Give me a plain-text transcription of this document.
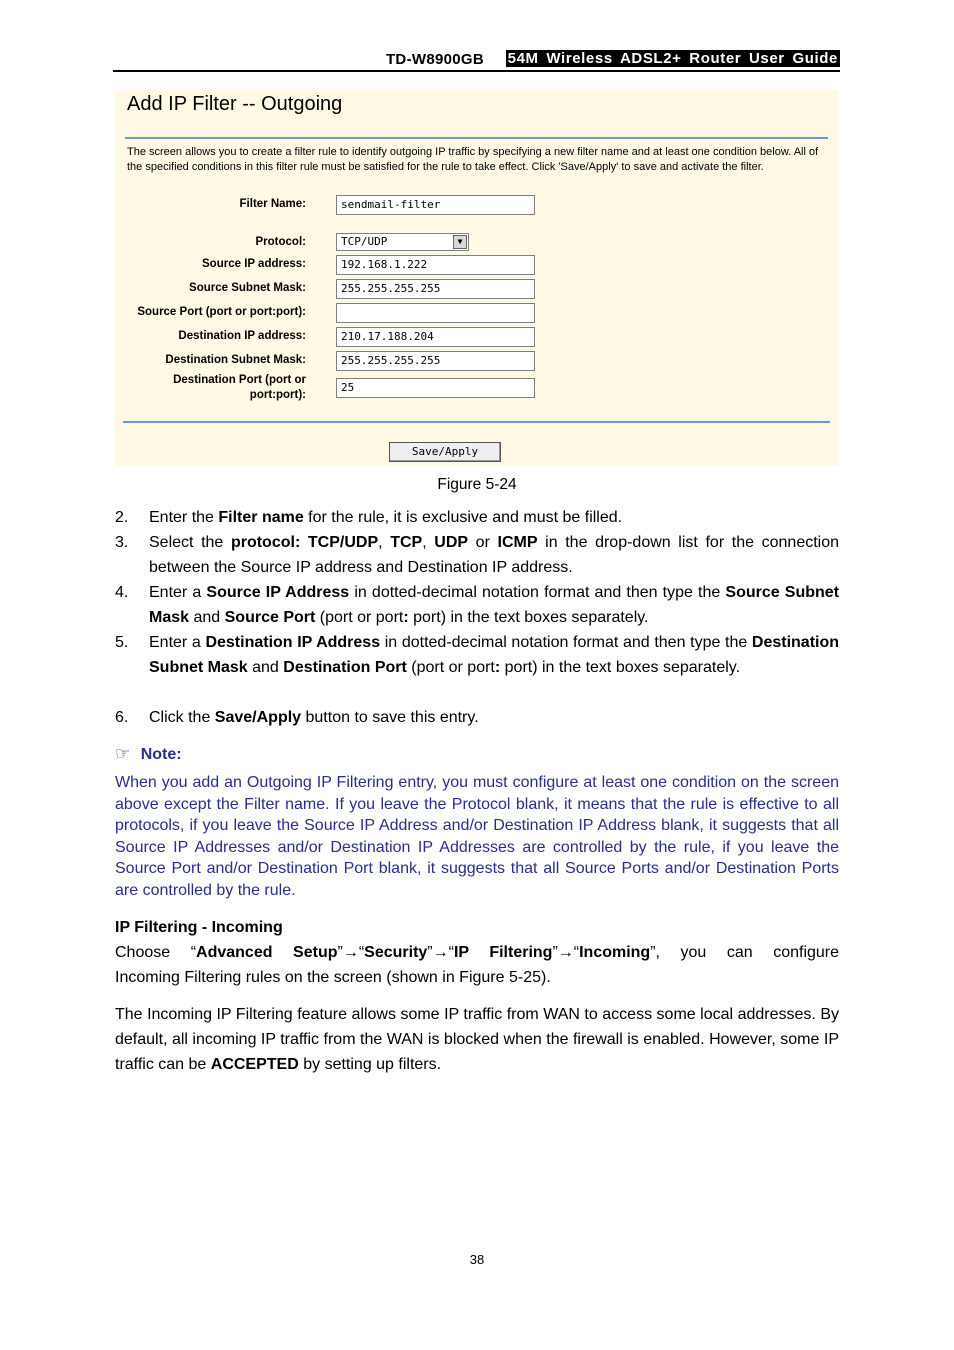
TD-W8900GB 54M Wireless ADSL2+ Router User Guide
Add IP Filter -- Outgoing
The screen allows you to create a filter rule to identify outgoing IP traffic by specifying a new filter name and at least one condition below. All of the specified conditions in this filter rule must be satisfied for the rule to take effect. Click 'Save/Apply' to save and activate the filter.
Filter Name:	sendmail-filter
Protocol:	TCP/UDP	▼
Source IP address:	192.168.1.222
Source Subnet Mask:	255.255.255.255
Source Port (port or port:port):
Destination IP address:	210.17.188.204
Destination Subnet Mask:	255.255.255.255
Destination Port (port or
port:port):
25
Save/Apply
Figure 5-24
2. Enter the Filter name for the rule, it is exclusive and must be filled.
3. Select the protocol: TCP/UDP, TCP, UDP or ICMP in the drop-down list for the connection between the Source IP address and Destination IP address.
4. Enter a Source IP Address in dotted-decimal notation format and then type the Source Subnet Mask and Source Port (port or port: port) in the text boxes separately.
5. Enter a Destination IP Address in dotted-decimal notation format and then type the Destination Subnet Mask and Destination Port (port or port: port) in the text boxes separately.
6. Click the Save/Apply button to save this entry.
☞ Note:
When you add an Outgoing IP Filtering entry, you must configure at least one condition on the screen above except the Filter name. If you leave the Protocol blank, it means that the rule is effective to all protocols, if you leave the Source IP Address and/or Destination IP Address blank, it suggests that all Source IP Addresses and/or Destination IP Addresses are controlled by the rule, if you leave the Source Port and/or Destination Port blank, it suggests that all Source Ports and/or Destination Ports are controlled by the rule.
IP Filtering - Incoming
Choose “Advanced Setup”→“Security”→“IP Filtering”→“Incoming”, you can configure
Incoming Filtering rules on the screen (shown in Figure 5-25).
The Incoming IP Filtering feature allows some IP traffic from WAN to access some local addresses. By default, all incoming IP traffic from the WAN is blocked when the firewall is enabled. However, some IP traffic can be ACCEPTED by setting up filters.
38
